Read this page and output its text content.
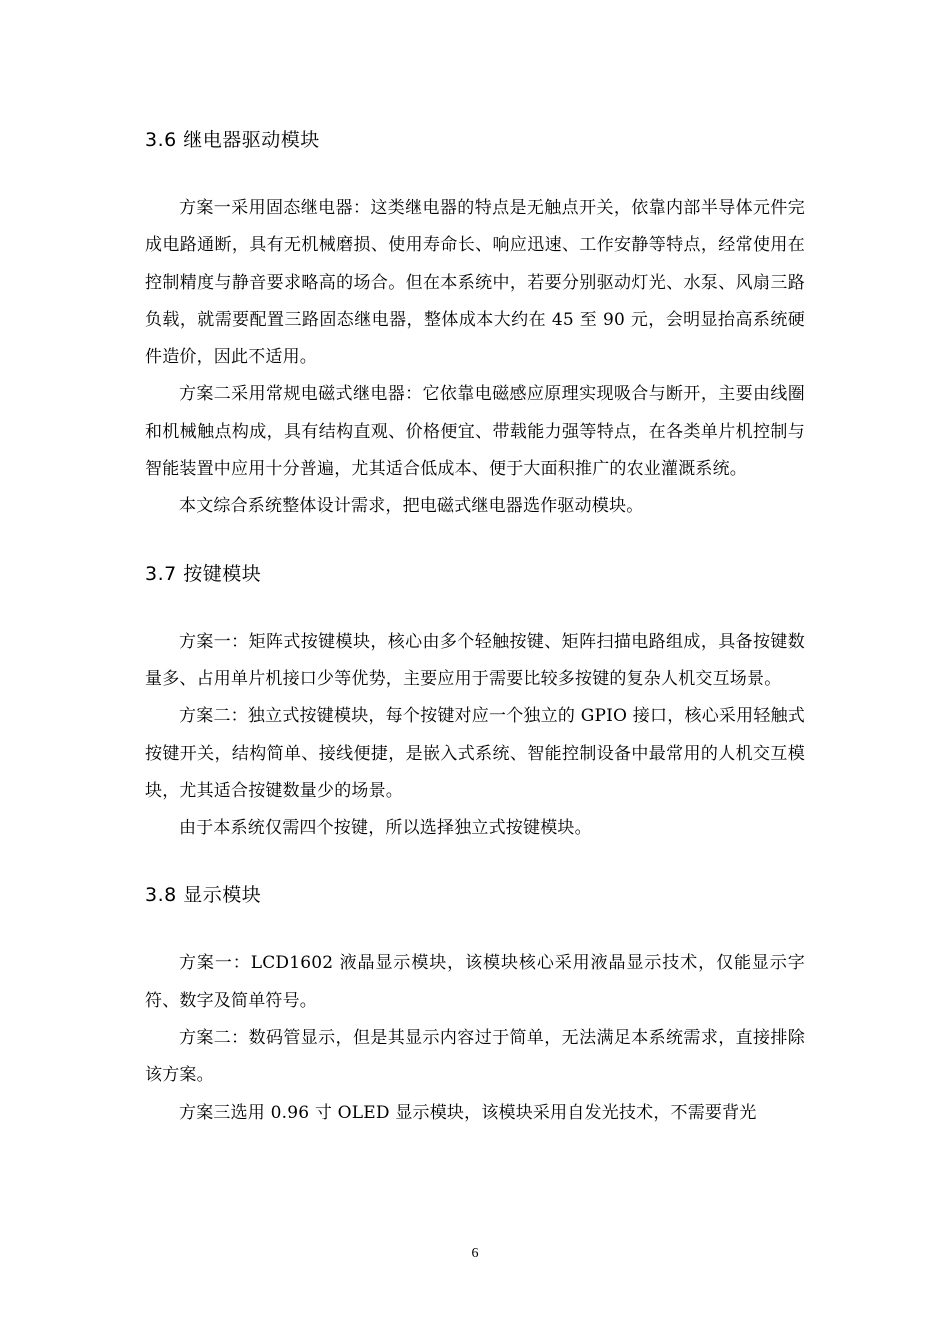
3.6 继电器驱动模块

方案一采用固态继电器：这类继电器的特点是无触点开关，依靠内部半导体元件完成电路通断，具有无机械磨损、使用寿命长、响应迅速、工作安静等特点，经常使用在控制精度与静音要求略高的场合。但在本系统中，若要分别驱动灯光、水泵、风扇三路负载，就需要配置三路固态继电器，整体成本大约在 45 至 90 元，会明显抬高系统硬件造价，因此不适用。

方案二采用常规电磁式继电器：它依靠电磁感应原理实现吸合与断开，主要由线圈和机械触点构成，具有结构直观、价格便宜、带载能力强等特点，在各类单片机控制与智能装置中应用十分普遍，尤其适合低成本、便于大面积推广的农业灌溉系统。

本文综合系统整体设计需求，把电磁式继电器选作驱动模块。

3.7 按键模块

方案一：矩阵式按键模块，核心由多个轻触按键、矩阵扫描电路组成，具备按键数量多、占用单片机接口少等优势，主要应用于需要比较多按键的复杂人机交互场景。

方案二：独立式按键模块，每个按键对应一个独立的 GPIO 接口，核心采用轻触式按键开关，结构简单、接线便捷，是嵌入式系统、智能控制设备中最常用的人机交互模块，尤其适合按键数量少的场景。

由于本系统仅需四个按键，所以选择独立式按键模块。

3.8 显示模块

方案一：LCD1602 液晶显示模块，该模块核心采用液晶显示技术，仅能显示字符、数字及简单符号。

方案二：数码管显示，但是其显示内容过于简单，无法满足本系统需求，直接排除该方案。

方案三选用 0.96 寸 OLED 显示模块，该模块采用自发光技术，不需要背光

6
